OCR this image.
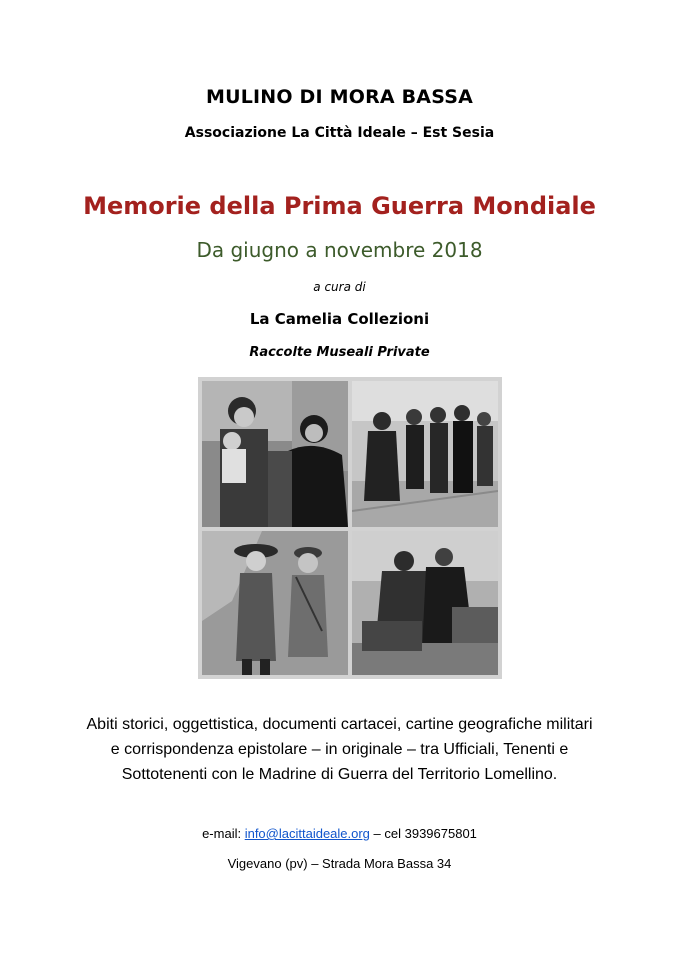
MULINO DI MORA BASSA
Associazione La Città Ideale – Est Sesia
Memorie della Prima Guerra Mondiale
Da giugno a novembre 2018
a cura di
La Camelia Collezioni
Raccolte Museali Private
Abiti storici, oggettistica, documenti cartacei, cartine geografiche militari
e corrispondenza epistolare – in originale – tra Ufficiali, Tenenti e
Sottotenenti con le Madrine di Guerra del Territorio Lomellino.
e-mail: info@lacittaideale.org – cel 3939675801
Vigevano (pv) – Strada Mora Bassa 34
